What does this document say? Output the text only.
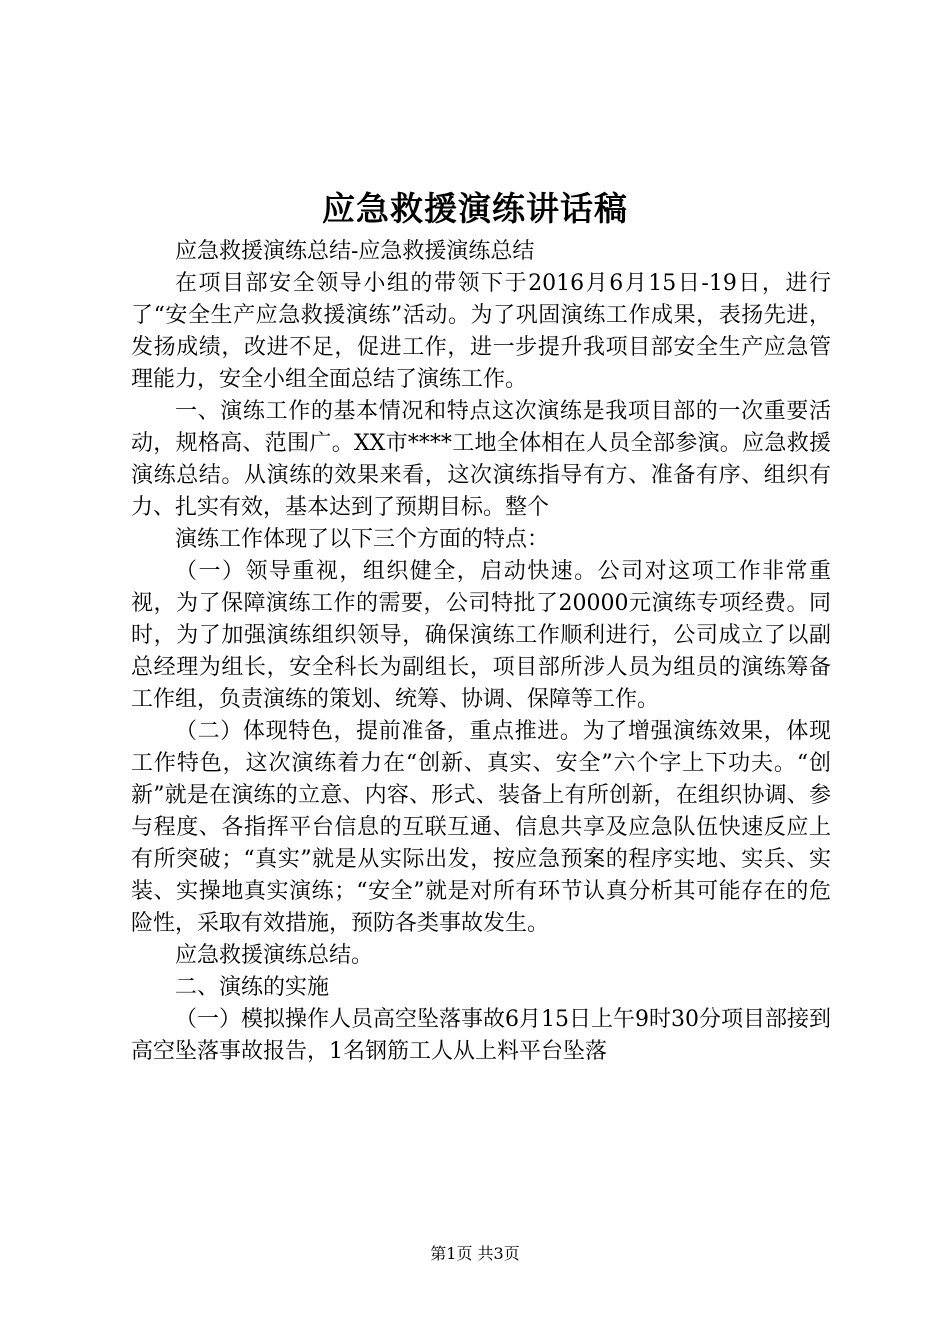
应急救援演练讲话稿

应急救援演练总结-应急救援演练总结

在项目部安全领导小组的带领下于2016月6月15日-19日，进行了“安全生产应急救援演练”活动。为了巩固演练工作成果，表扬先进，发扬成绩，改进不足，促进工作，进一步提升我项目部安全生产应急管理能力，安全小组全面总结了演练工作。

一、演练工作的基本情况和特点这次演练是我项目部的一次重要活动，规格高、范围广。XX市****工地全体相在人员全部参演。应急救援演练总结。从演练的效果来看，这次演练指导有方、准备有序、组织有力、扎实有效，基本达到了预期目标。整个

演练工作体现了以下三个方面的特点：

（一）领导重视，组织健全，启动快速。公司对这项工作非常重视，为了保障演练工作的需要，公司特批了20000元演练专项经费。同时，为了加强演练组织领导，确保演练工作顺利进行，公司成立了以副总经理为组长，安全科长为副组长，项目部所涉人员为组员的演练筹备工作组，负责演练的策划、统筹、协调、保障等工作。

（二）体现特色，提前准备，重点推进。为了增强演练效果，体现工作特色，这次演练着力在“创新、真实、安全”六个字上下功夫。“创新”就是在演练的立意、内容、形式、装备上有所创新，在组织协调、参与程度、各指挥平台信息的互联互通、信息共享及应急队伍快速反应上有所突破；“真实”就是从实际出发，按应急预案的程序实地、实兵、实装、实操地真实演练；“安全”就是对所有环节认真分析其可能存在的危险性，采取有效措施，预防各类事故发生。

应急救援演练总结。

二、演练的实施

（一）模拟操作人员高空坠落事故6月15日上午9时30分项目部接到高空坠落事故报告，1名钢筋工人从上料平台坠落

第1页 共3页
